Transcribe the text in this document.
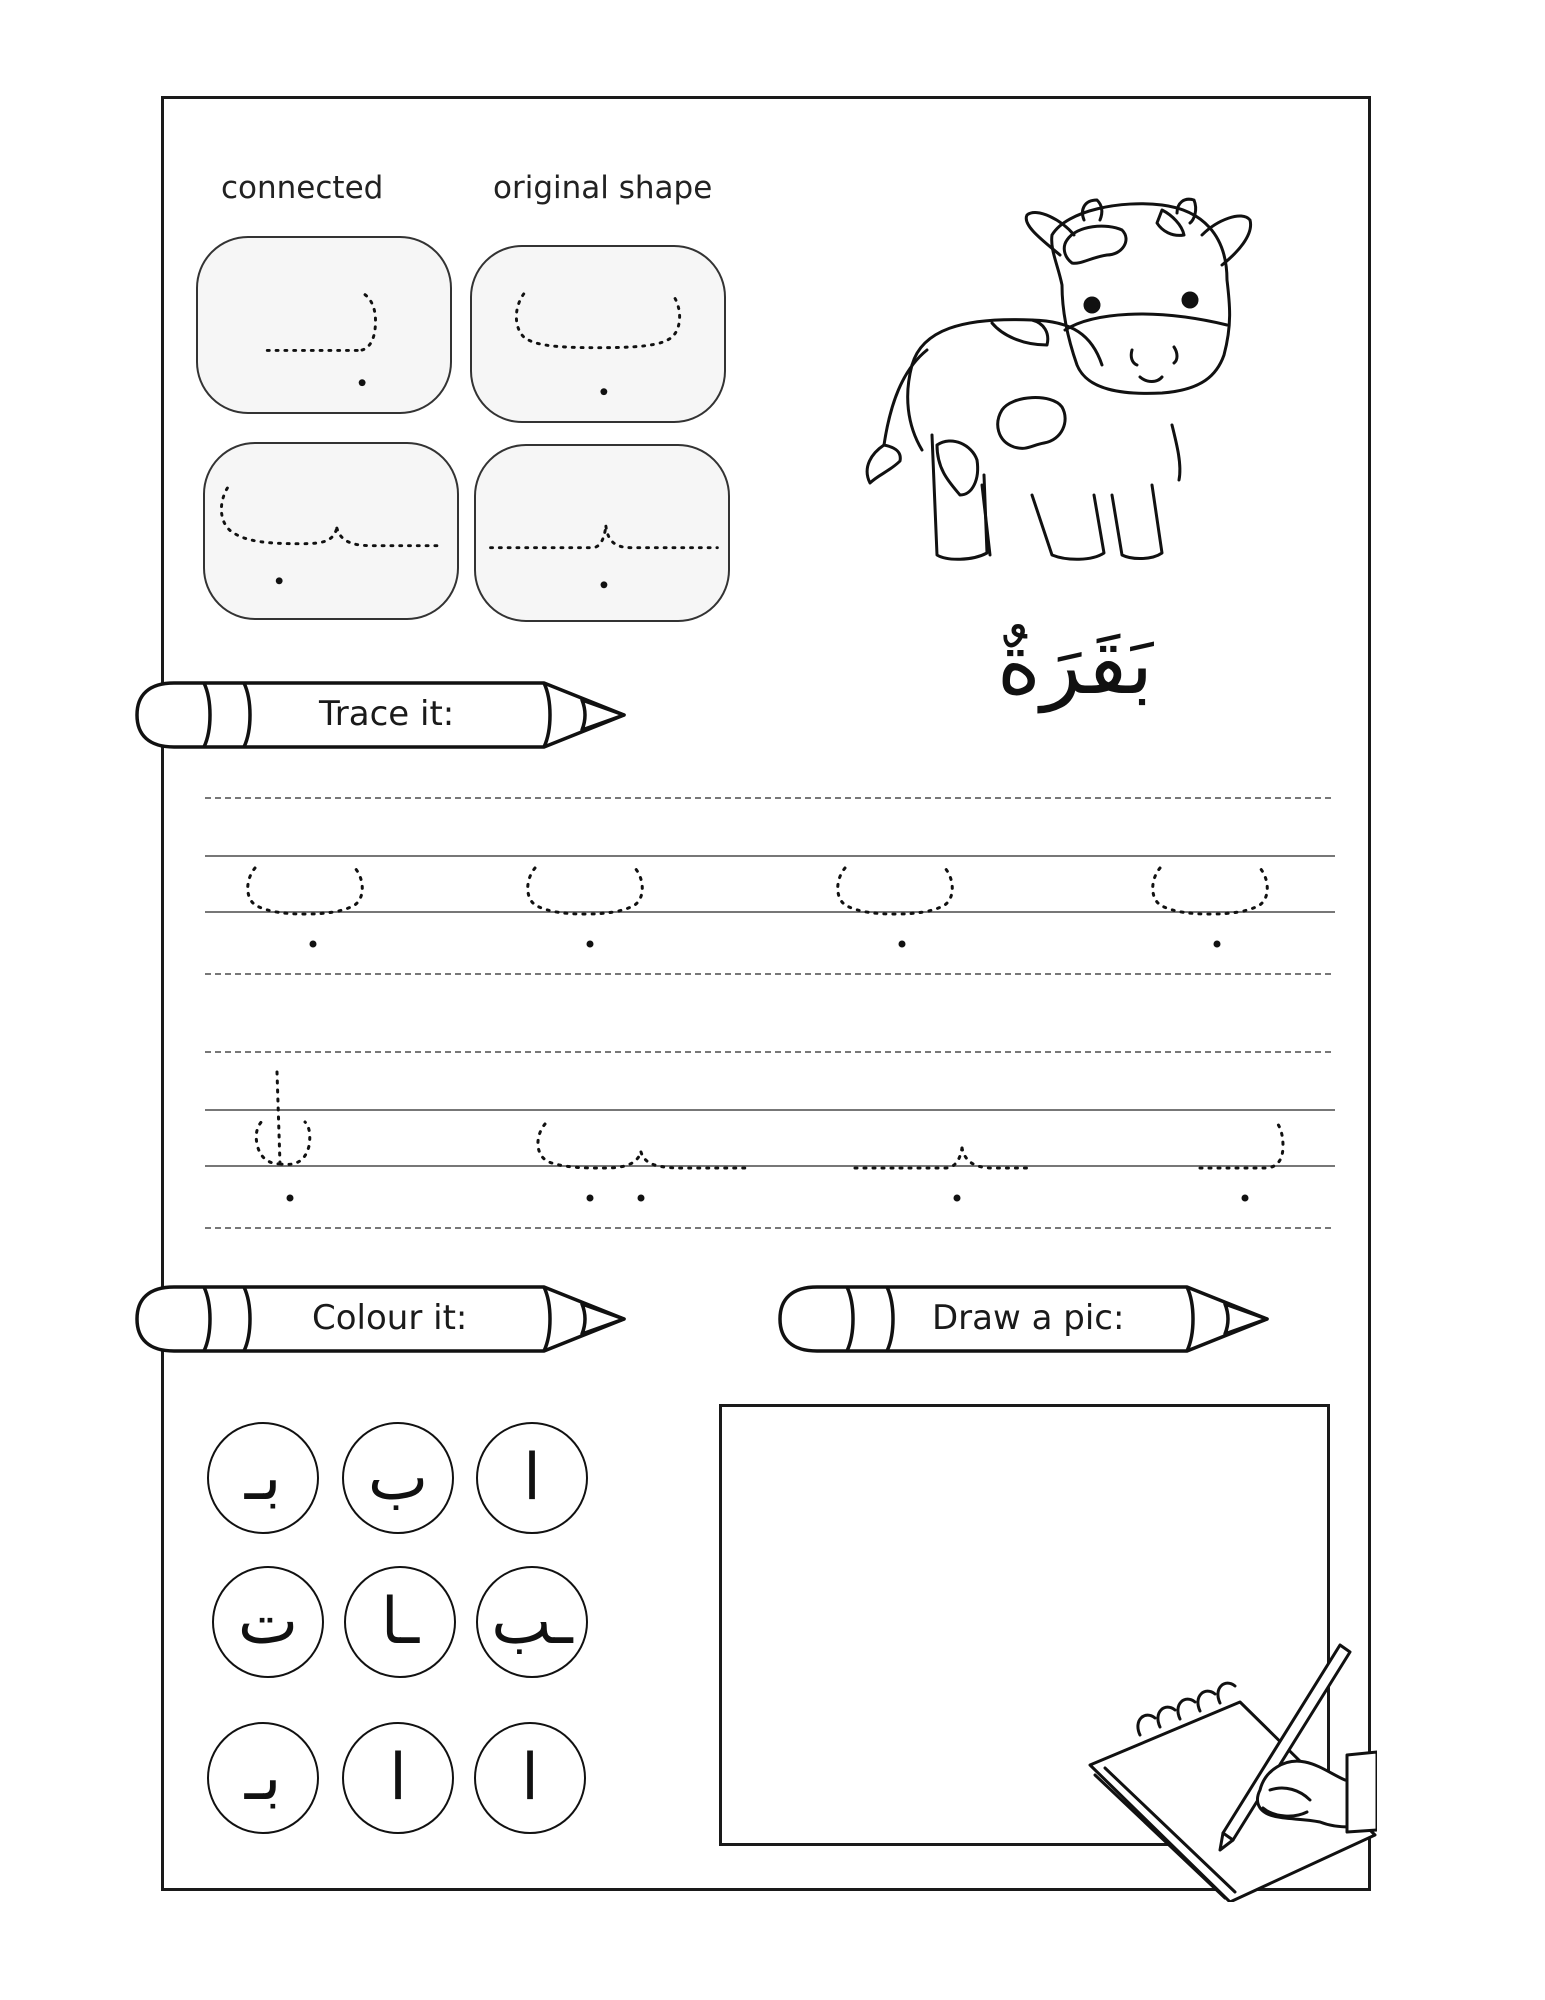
connected	original shape
بَقَرَةٌ
Trace it:
Colour it:	Draw a pic:
بـ	ب	ا
ت	ـا	ـب
بـ	ا	ا
